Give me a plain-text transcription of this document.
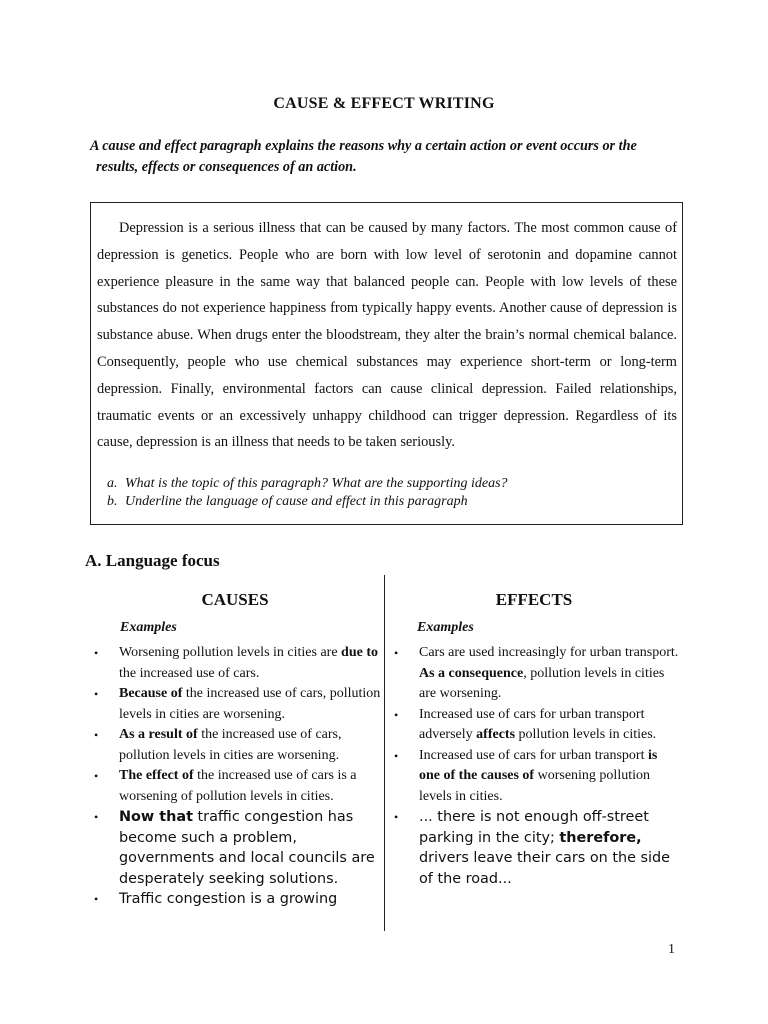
CAUSE & EFFECT WRITING
A cause and effect paragraph explains the reasons why a certain action or event occurs or the
results, effects or consequences of an action.

Depression is a serious illness that can be caused by many factors. The most common cause of depression is genetics. People who are born with low level of serotonin and dopamine cannot experience pleasure in the same way that balanced people can. People with low levels of these substances do not experience happiness from typically happy events. Another cause of depression is substance abuse. When drugs enter the bloodstream, they alter the brain’s normal chemical balance. Consequently, people who use chemical substances may experience short-term or long-term depression. Finally, environmental factors can cause clinical depression. Failed relationships, traumatic events or an excessively unhappy childhood can trigger depression. Regardless of its cause, depression is an illness that needs to be taken seriously.

a. What is the topic of this paragraph? What are the supporting ideas?
b. Underline the language of cause and effect in this paragraph
A. Language focus
CAUSES
Examples
• Worsening pollution levels in cities are due to the increased use of cars.
• Because of the increased use of cars, pollution levels in cities are worsening.
• As a result of the increased use of cars, pollution levels in cities are worsening.
• The effect of the increased use of cars is a worsening of pollution levels in cities.
• Now that traffic congestion has become such a problem, governments and local councils are desperately seeking solutions.
• Traffic congestion is a growing
EFFECTS
Examples
• Cars are used increasingly for urban transport. As a consequence, pollution levels in cities are worsening.
• Increased use of cars for urban transport adversely affects pollution levels in cities.
• Increased use of cars for urban transport is one of the causes of worsening pollution levels in cities.
• ... there is not enough off-street parking in the city; therefore, drivers leave their cars on the side of the road...
1
